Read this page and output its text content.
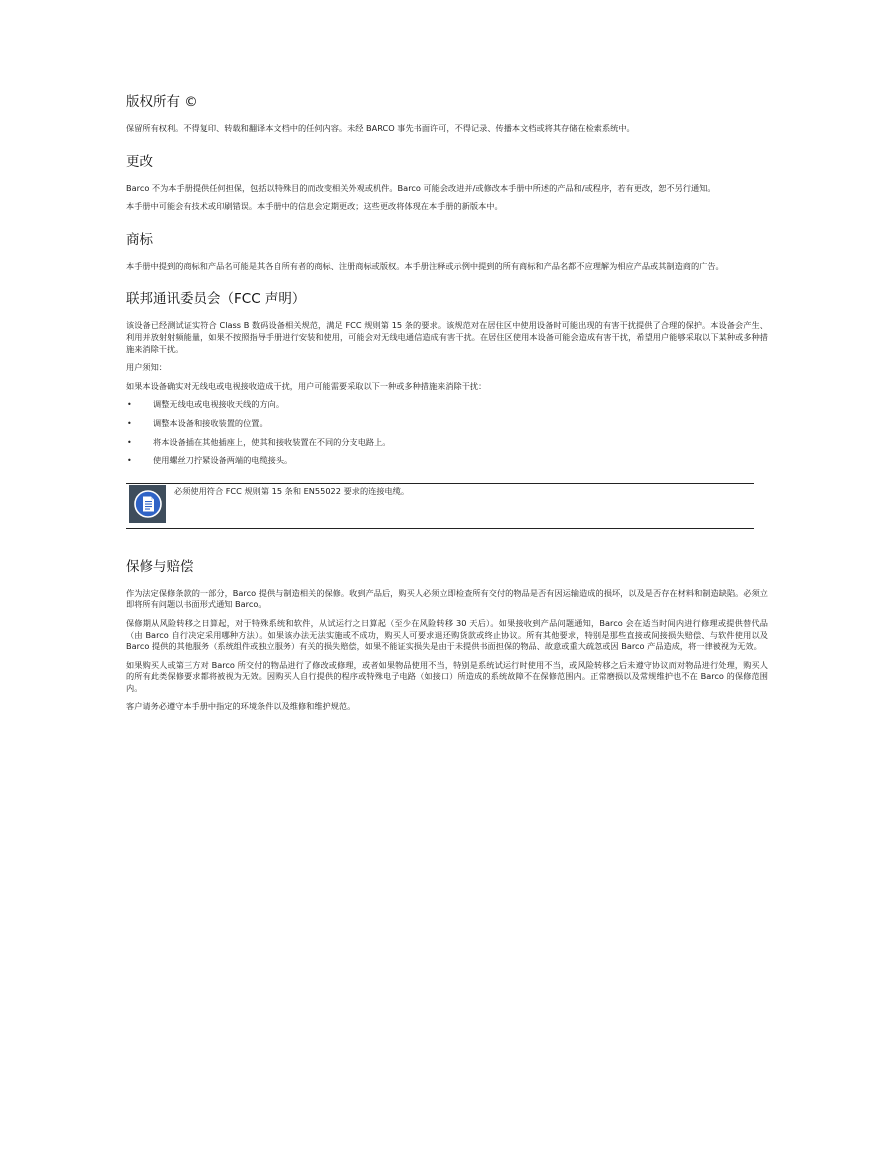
版权所有 ©

保留所有权利。不得复印、转载和翻译本文档中的任何内容。未经 BARCO 事先书面许可，不得记录、传播本文档或将其存储在检索系统中。

更改

Barco 不为本手册提供任何担保，包括以特殊目的而改变相关外观或机件。Barco 可能会改进并/或修改本手册中所述的产品和/或程序，若有更改，恕不另行通知。

本手册中可能会有技术或印刷错误。本手册中的信息会定期更改；这些更改将体现在本手册的新版本中。

商标

本手册中提到的商标和产品名可能是其各自所有者的商标、注册商标或版权。本手册注释或示例中提到的所有商标和产品名都不应理解为相应产品或其制造商的广告。

联邦通讯委员会（FCC 声明）

该设备已经测试证实符合 Class B 数码设备相关规范，满足 FCC 规则第 15 条的要求。该规范对在居住区中使用设备时可能出现的有害干扰提供了合理的保护。本设备会产生、利用并放射射频能量，如果不按照指导手册进行安装和使用，可能会对无线电通信造成有害干扰。在居住区使用本设备可能会造成有害干扰，希望用户能够采取以下某种或多种措施来消除干扰。

用户须知：

如果本设备确实对无线电或电视接收造成干扰，用户可能需要采取以下一种或多种措施来消除干扰：

•	调整无线电或电视接收天线的方向。
•	调整本设备和接收装置的位置。
•	将本设备插在其他插座上，使其和接收装置在不同的分支电路上。
•	使用螺丝刀拧紧设备两端的电缆接头。
必须使用符合 FCC 规则第 15 条和 EN55022 要求的连接电缆。
保修与赔偿

作为法定保修条款的一部分，Barco 提供与制造相关的保修。收到产品后，购买人必须立即检查所有交付的物品是否有因运输造成的损坏，以及是否存在材料和制造缺陷。必须立即将所有问题以书面形式通知 Barco。

保修期从风险转移之日算起，对于特殊系统和软件，从试运行之日算起（至少在风险转移 30 天后）。如果接收到产品问题通知，Barco 会在适当时间内进行修理或提供替代品（由 Barco 自行决定采用哪种方法）。如果该办法无法实施或不成功，购买人可要求退还购货款或终止协议。所有其他要求，特别是那些直接或间接损失赔偿、与软件使用以及 Barco 提供的其他服务（系统组件或独立服务）有关的损失赔偿，如果不能证实损失是由于未提供书面担保的物品、故意或重大疏忽或因 Barco 产品造成，将一律被视为无效。

如果购买人或第三方对 Barco 所交付的物品进行了修改或修理，或者如果物品使用不当，特别是系统试运行时使用不当，或风险转移之后未遵守协议而对物品进行处理，购买人的所有此类保修要求都将被视为无效。因购买人自行提供的程序或特殊电子电路（如接口）所造成的系统故障不在保修范围内。正常磨损以及常规维护也不在 Barco 的保修范围内。

客户请务必遵守本手册中指定的环境条件以及维修和维护规范。
